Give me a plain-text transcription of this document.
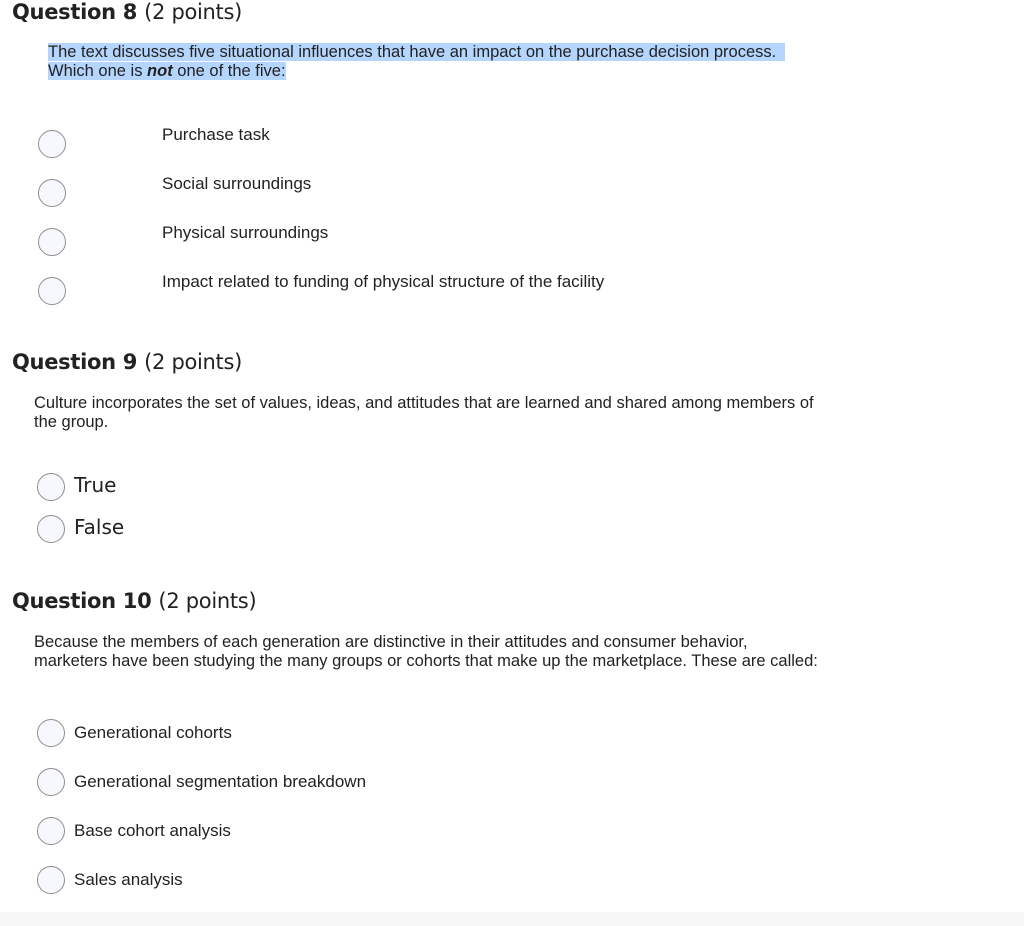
Question 8 (2 points)
The text discusses five situational influences that have an impact on the purchase decision process.
Which one is not one of the five:
Purchase task
Social surroundings
Physical surroundings
Impact related to funding of physical structure of the facility
Question 9 (2 points)
Culture incorporates the set of values, ideas, and attitudes that are learned and shared among members of
the group.
True
False
Question 10 (2 points)
Because the members of each generation are distinctive in their attitudes and consumer behavior,
marketers have been studying the many groups or cohorts that make up the marketplace. These are called:
Generational cohorts
Generational segmentation breakdown
Base cohort analysis
Sales analysis
